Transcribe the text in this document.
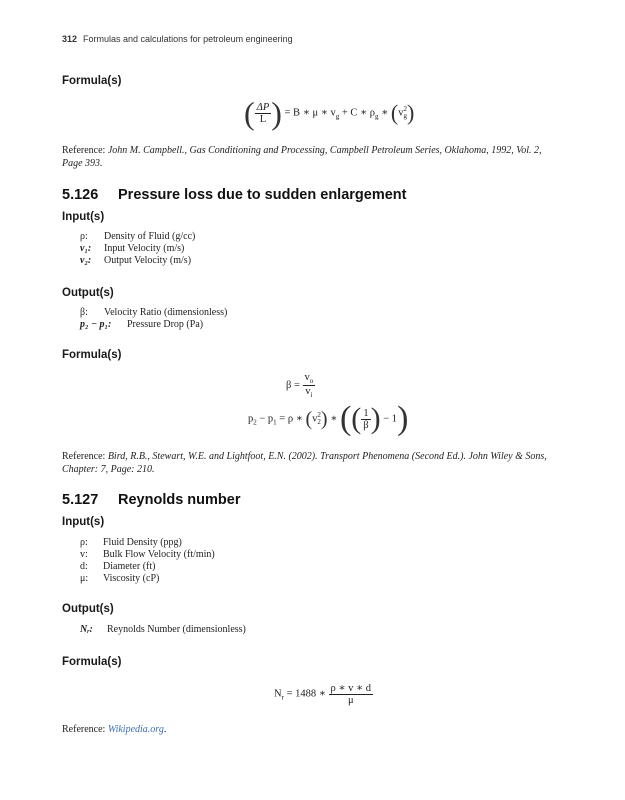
312 Formulas and calculations for petroleum engineering
Formula(s)
( $\frac{\Delta P}{L}$ ) = B ∗ μ ∗ $v_g + C$ ∗ $\rho_g$ ∗ (v 2
g )
Reference: John M. Campbell., Gas Conditioning and Processing, Campbell Petroleum Series, Oklahoma, 1992, Vol. 2, Page 393.
5.126 Pressure loss due to sudden enlargement
Input(s)
ρ: Density of Fluid (g/cc)
v₁: Input Velocity (m/s)
v₂: Output Velocity (m/s)
Output(s)
β: Velocity Ratio (dimensionless)
p₂ − p₁: Pressure Drop (Pa)
Formula(s)
$\beta = \frac{v_o}{v_i}$
$p_2 - p_1 = \rho$ ∗ (v 2
2 ) ∗ (( $\frac{1}{\beta}$ ) − 1)
Reference: Bird, R.B., Stewart, W.E. and Lightfoot, E.N. (2002). Transport Phenomena (Second Ed.). John Wiley & Sons, Chapter: 7, Page: 210.
5.127 Reynolds number
Input(s)
ρ: Fluid Density (ppg)
v: Bulk Flow Velocity (ft/min)
d: Diameter (ft)
μ: Viscosity (cP)
Output(s)
Nᵣ: Reynolds Number (dimensionless)
Formula(s)
$N_r = 1488$ ∗ $\frac{\rho ∗ v ∗ d}{\mu}$
Reference: Wikipedia.org.
